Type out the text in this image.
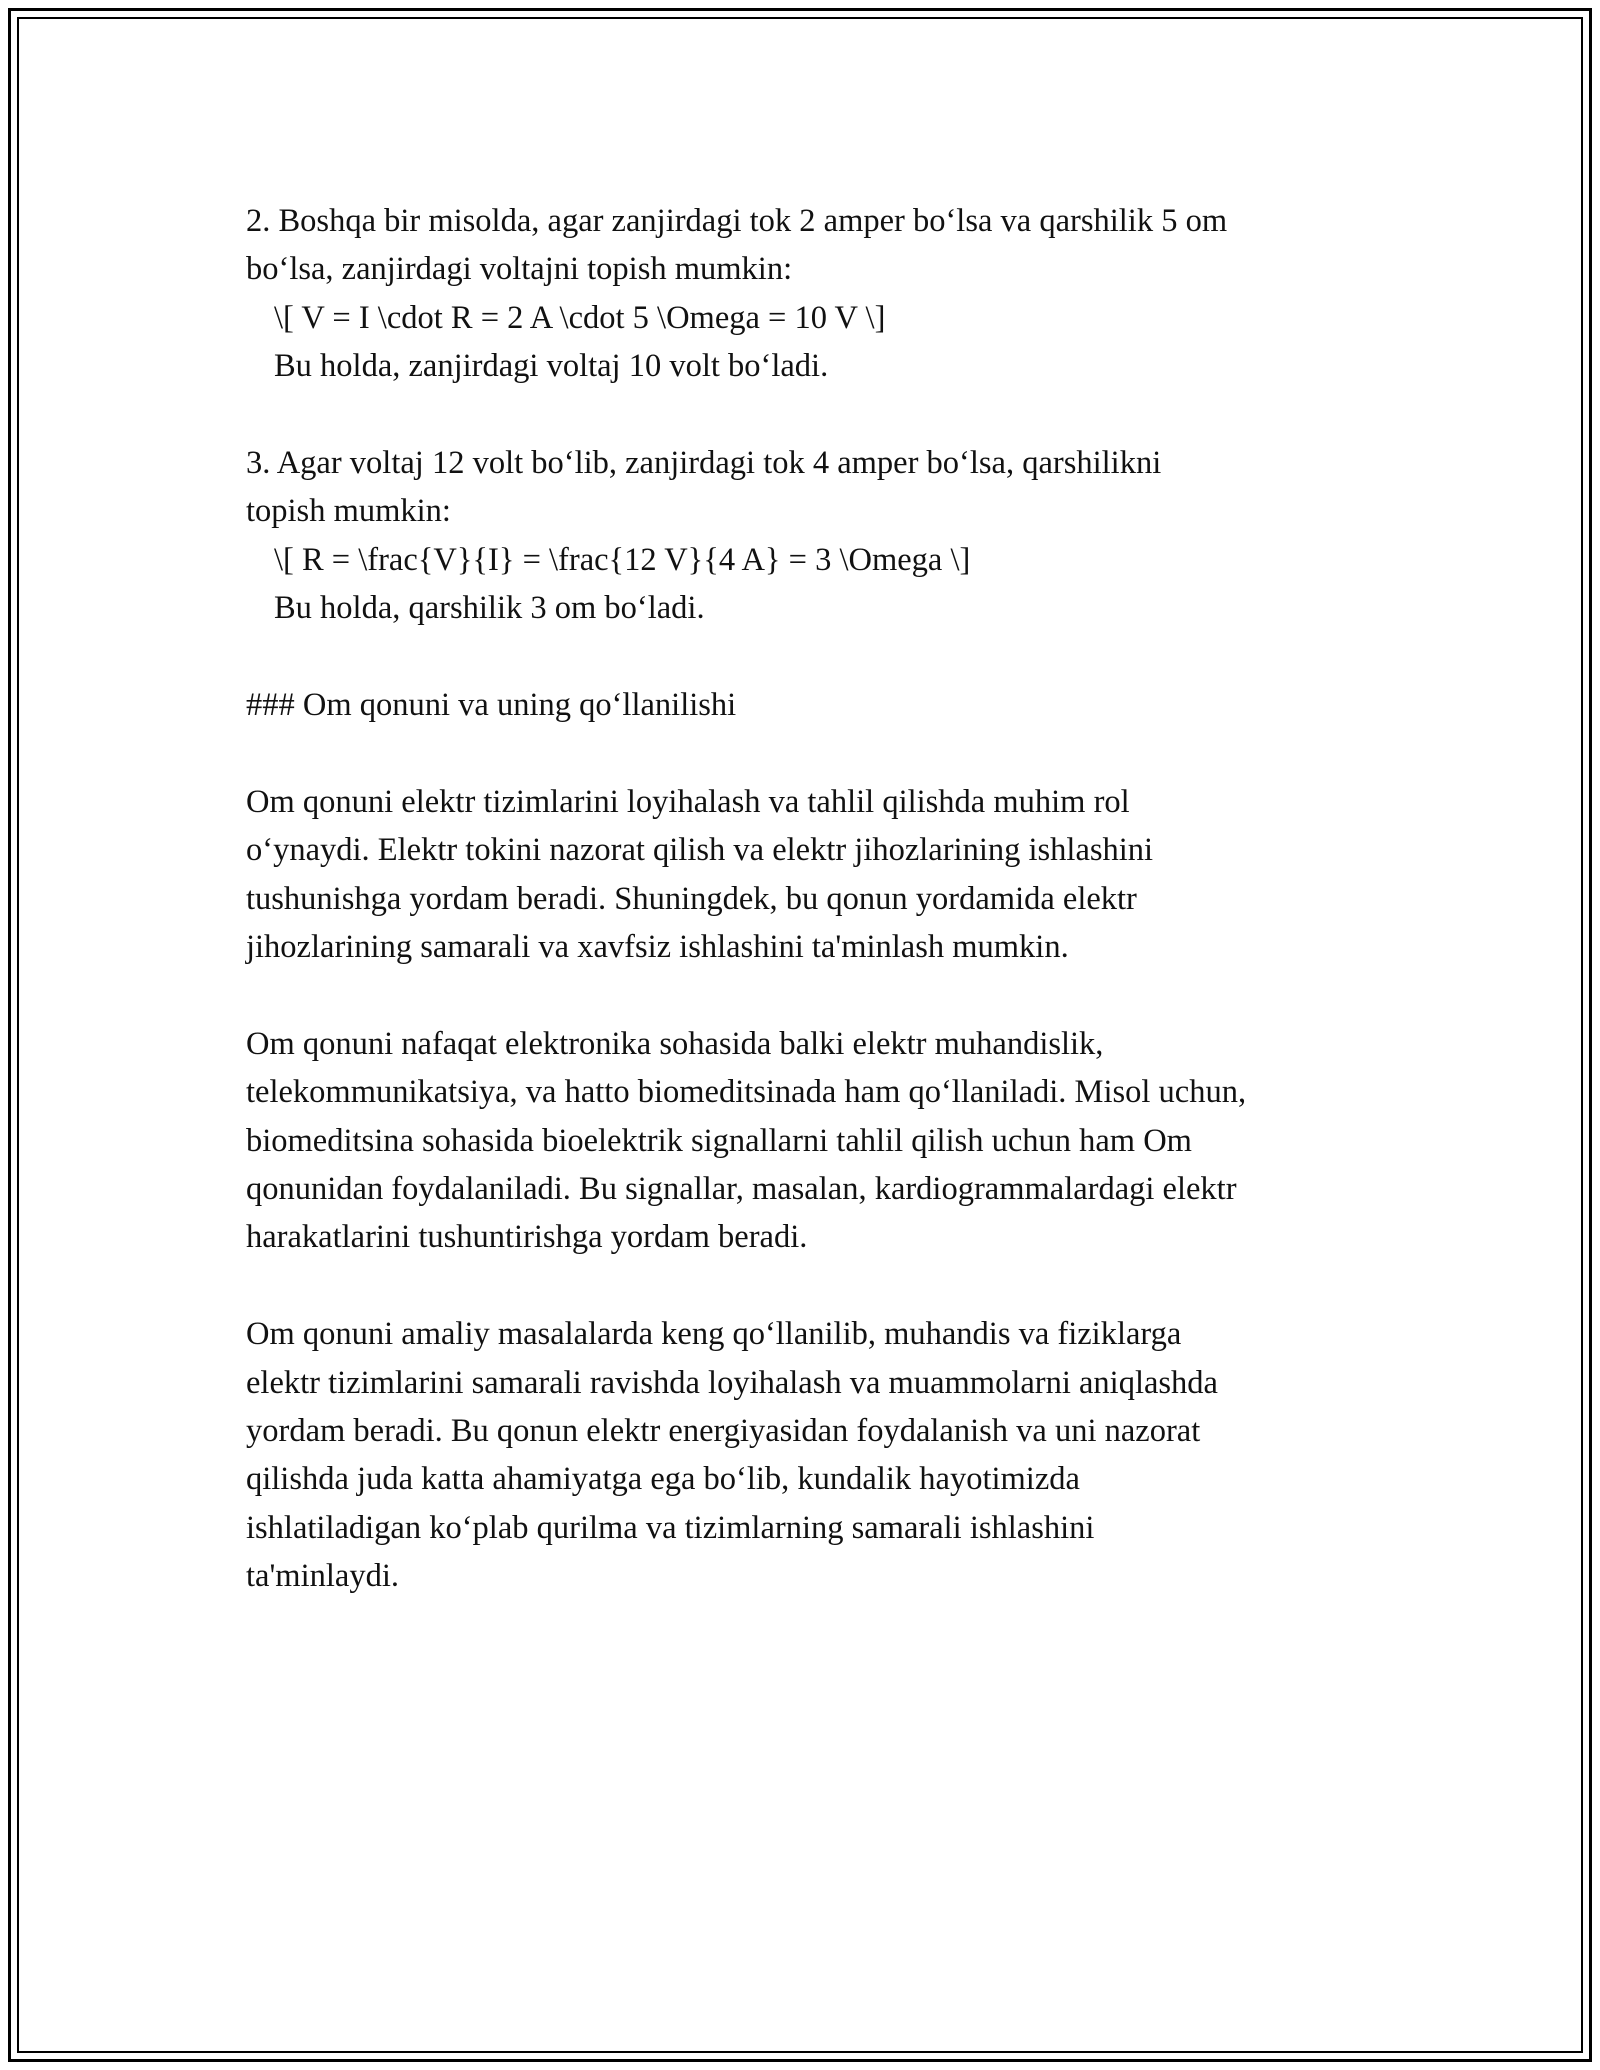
2. Boshqa bir misolda, agar zanjirdagi tok 2 amper bo‘lsa va qarshilik 5 om
bo‘lsa, zanjirdagi voltajni topish mumkin:
\[ V = I \cdot R = 2 A \cdot 5 \Omega = 10 V \]
Bu holda, zanjirdagi voltaj 10 volt bo‘ladi.
3. Agar voltaj 12 volt bo‘lib, zanjirdagi tok 4 amper bo‘lsa, qarshilikni
topish mumkin:
\[ R = \frac{V}{I} = \frac{12 V}{4 A} = 3 \Omega \]
Bu holda, qarshilik 3 om bo‘ladi.
### Om qonuni va uning qo‘llanilishi
Om qonuni elektr tizimlarini loyihalash va tahlil qilishda muhim rol
o‘ynaydi. Elektr tokini nazorat qilish va elektr jihozlarining ishlashini
tushunishga yordam beradi. Shuningdek, bu qonun yordamida elektr
jihozlarining samarali va xavfsiz ishlashini ta'minlash mumkin.
Om qonuni nafaqat elektronika sohasida balki elektr muhandislik,
telekommunikatsiya, va hatto biomeditsinada ham qo‘llaniladi. Misol uchun,
biomeditsina sohasida bioelektrik signallarni tahlil qilish uchun ham Om
qonunidan foydalaniladi. Bu signallar, masalan, kardiogrammalardagi elektr
harakatlarini tushuntirishga yordam beradi.
Om qonuni amaliy masalalarda keng qo‘llanilib, muhandis va fiziklarga
elektr tizimlarini samarali ravishda loyihalash va muammolarni aniqlashda
yordam beradi. Bu qonun elektr energiyasidan foydalanish va uni nazorat
qilishda juda katta ahamiyatga ega bo‘lib, kundalik hayotimizda
ishlatiladigan ko‘plab qurilma va tizimlarning samarali ishlashini
ta'minlaydi.
